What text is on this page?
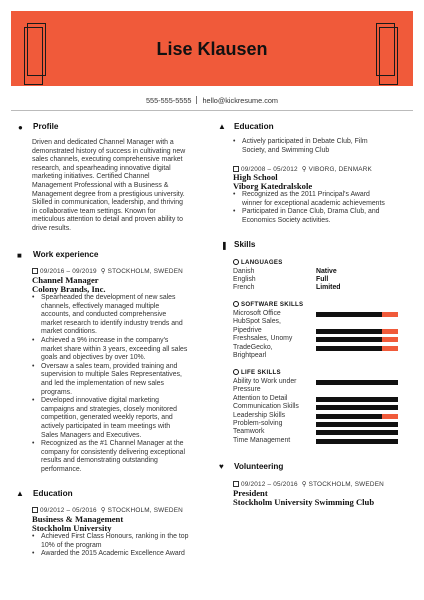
Lise Klausen
555-555-5555 hello@kickresume.com
● Profile
Driven and dedicated Channel Manager with a
demonstrated history of success in cultivating new
sales channels, executing comprehensive market
research, and spearheading innovative digital
marketing initiatives. Certified Channel
Management Professional with a Business &
Management degree from a prestigious university.
Skilled in communication, leadership, and thriving
in collaborative team settings. Known for
meticulous attention to detail and proven ability to
drive results.
■ Work experience
09/2016 – 09/2019 ⚲ STOCKHOLM, SWEDEN
Channel Manager
Colony Brands, Inc.
• Spearheaded the development of new sales
channels, effectively managed multiple
accounts, and conducted comprehensive
market research to identify industry trends and
market conditions.
• Achieved a 9% increase in the company's
market share within 3 years, exceeding all sales
goals and objectives by over 10%.
• Oversaw a sales team, provided training and
supervision to multiple Sales Representatives,
and led the implementation of new sales
programs.
• Developed innovative digital marketing
campaigns and strategies, closely monitored
competition, generated weekly reports, and
actively participated in team meetings with
Sales Managers and Executives.
• Recognized as the #1 Channel Manager at the
company for consistently delivering exceptional
results and demonstrating outstanding
performance.
▲ Education
09/2012 – 05/2016 ⚲ STOCKHOLM, SWEDEN
Business & Management
Stockholm University
• Achieved First Class Honours, ranking in the top
10% of the program
• Awarded the 2015 Academic Excellence Award
▲ Education
• Actively participated in Debate Club, Film
Society, and Swimming Club
09/2008 – 05/2012 ⚲ VIBORG, DENMARK
High School
Viborg Katedralskole
• Recognized as the 2011 Principal's Award
winner for exceptional academic achievements
• Participated in Dance Club, Drama Club, and
Economics Society activities.
❚ Skills
LANGUAGES
Danish	Native
English	Full
French	Limited
SOFTWARE SKILLS
Microsoft Office
HubSpot Sales,
Pipedrive
Freshsales, Unomy
TradeGecko,
Brightpearl
LIFE SKILLS
Ability to Work under
Pressure
Attention to Detail
Communication Skills
Leadership Skills
Problem-solving
Teamwork
Time Management
♥ Volunteering
09/2012 – 05/2016 ⚲ STOCKHOLM, SWEDEN
President
Stockholm University Swimming Club
